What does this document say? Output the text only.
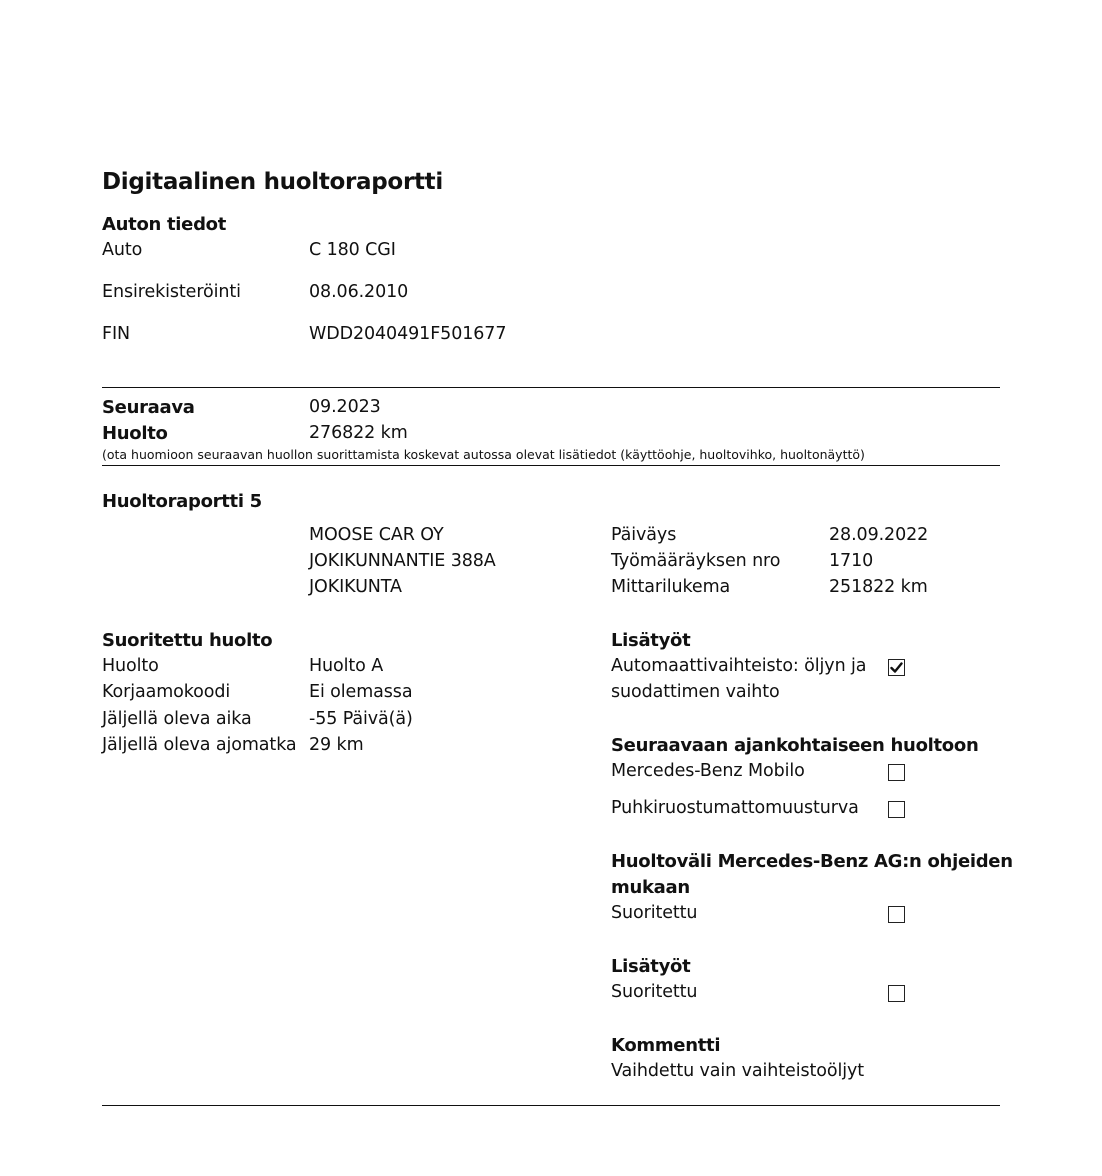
Digitaalinen huoltoraportti
Auton tiedot
Auto	C 180 CGI
Ensirekisteröinti	08.06.2010
FIN	WDD2040491F501677
Seuraava	09.2023
Huolto	276822 km
(ota huomioon seuraavan huollon suorittamista koskevat autossa olevat lisätiedot (käyttöohje, huoltovihko, huoltonäyttö)
Huoltoraportti 5
MOOSE CAR OY
JOKIKUNNANTIE 388A
JOKIKUNTA
Päiväys	28.09.2022
Työmääräyksen nro	1710
Mittarilukema	251822 km
Suoritettu huolto
Huolto	Huolto A
Korjaamokoodi	Ei olemassa
Jäljellä oleva aika	-55 Päivä(ä)
Jäljellä oleva ajomatka 29 km
Lisätyöt
Automaattivaihteisto: öljyn ja
suodattimen vaihto
Seuraavaan ajankohtaiseen huoltoon
Mercedes-Benz Mobilo
Puhkiruostumattomuusturva
Huoltoväli Mercedes-Benz AG:n ohjeiden
mukaan
Suoritettu
Lisätyöt
Suoritettu
Kommentti
Vaihdettu vain vaihteistoöljyt
